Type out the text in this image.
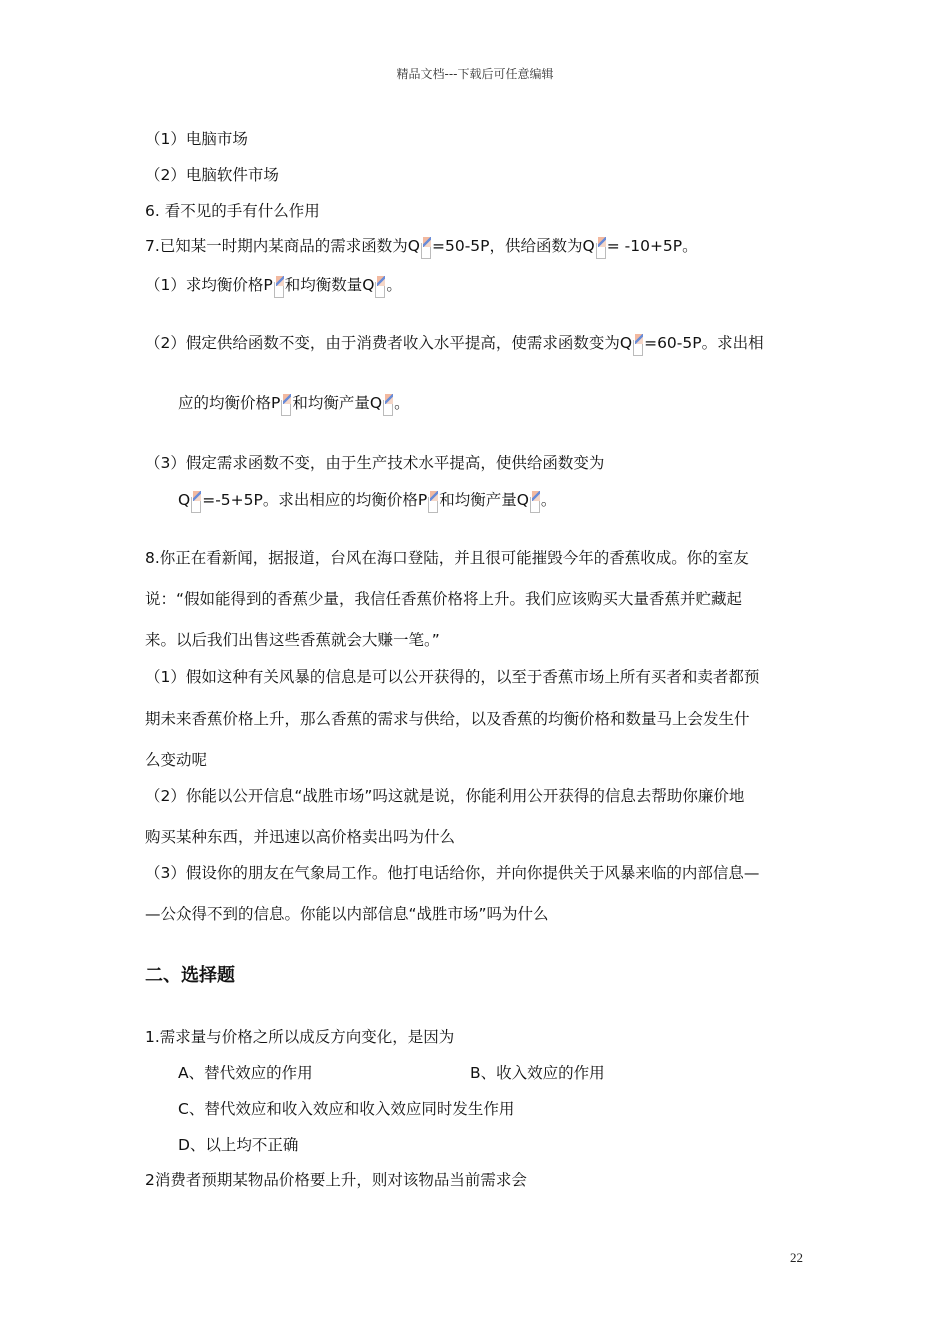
精品文档---下载后可任意编辑
（1）电脑市场
（2）电脑软件市场
6. 看不见的手有什么作用
7.已知某一时期内某商品的需求函数为Q =50-5P，供给函数为Q = -10+5P。
（1）求均衡价格P 和均衡数量Q 。
（2）假定供给函数不变，由于消费者收入水平提高，使需求函数变为Q =60-5P。求出相
应的均衡价格P 和均衡产量Q 。
（3）假定需求函数不变，由于生产技术水平提高，使供给函数变为
Q =-5+5P。求出相应的均衡价格P 和均衡产量Q 。
8.你正在看新闻，据报道，台风在海口登陆，并且很可能摧毁今年的香蕉收成。你的室友
说：“假如能得到的香蕉少量，我信任香蕉价格将上升。我们应该购买大量香蕉并贮藏起
来。以后我们出售这些香蕉就会大赚一笔。”
（1）假如这种有关风暴的信息是可以公开获得的，以至于香蕉市场上所有买者和卖者都预
期未来香蕉价格上升，那么香蕉的需求与供给，以及香蕉的均衡价格和数量马上会发生什
么变动呢
（2）你能以公开信息“战胜市场”吗这就是说，你能利用公开获得的信息去帮助你廉价地
购买某种东西，并迅速以高价格卖出吗为什么
（3）假设你的朋友在气象局工作。他打电话给你，并向你提供关于风暴来临的内部信息—
—公众得不到的信息。你能以内部信息“战胜市场”吗为什么
二、选择题
1.需求量与价格之所以成反方向变化，是因为
A、替代效应的作用	B、收入效应的作用
C、替代效应和收入效应和收入效应同时发生作用
D、以上均不正确
2消费者预期某物品价格要上升，则对该物品当前需求会
22
